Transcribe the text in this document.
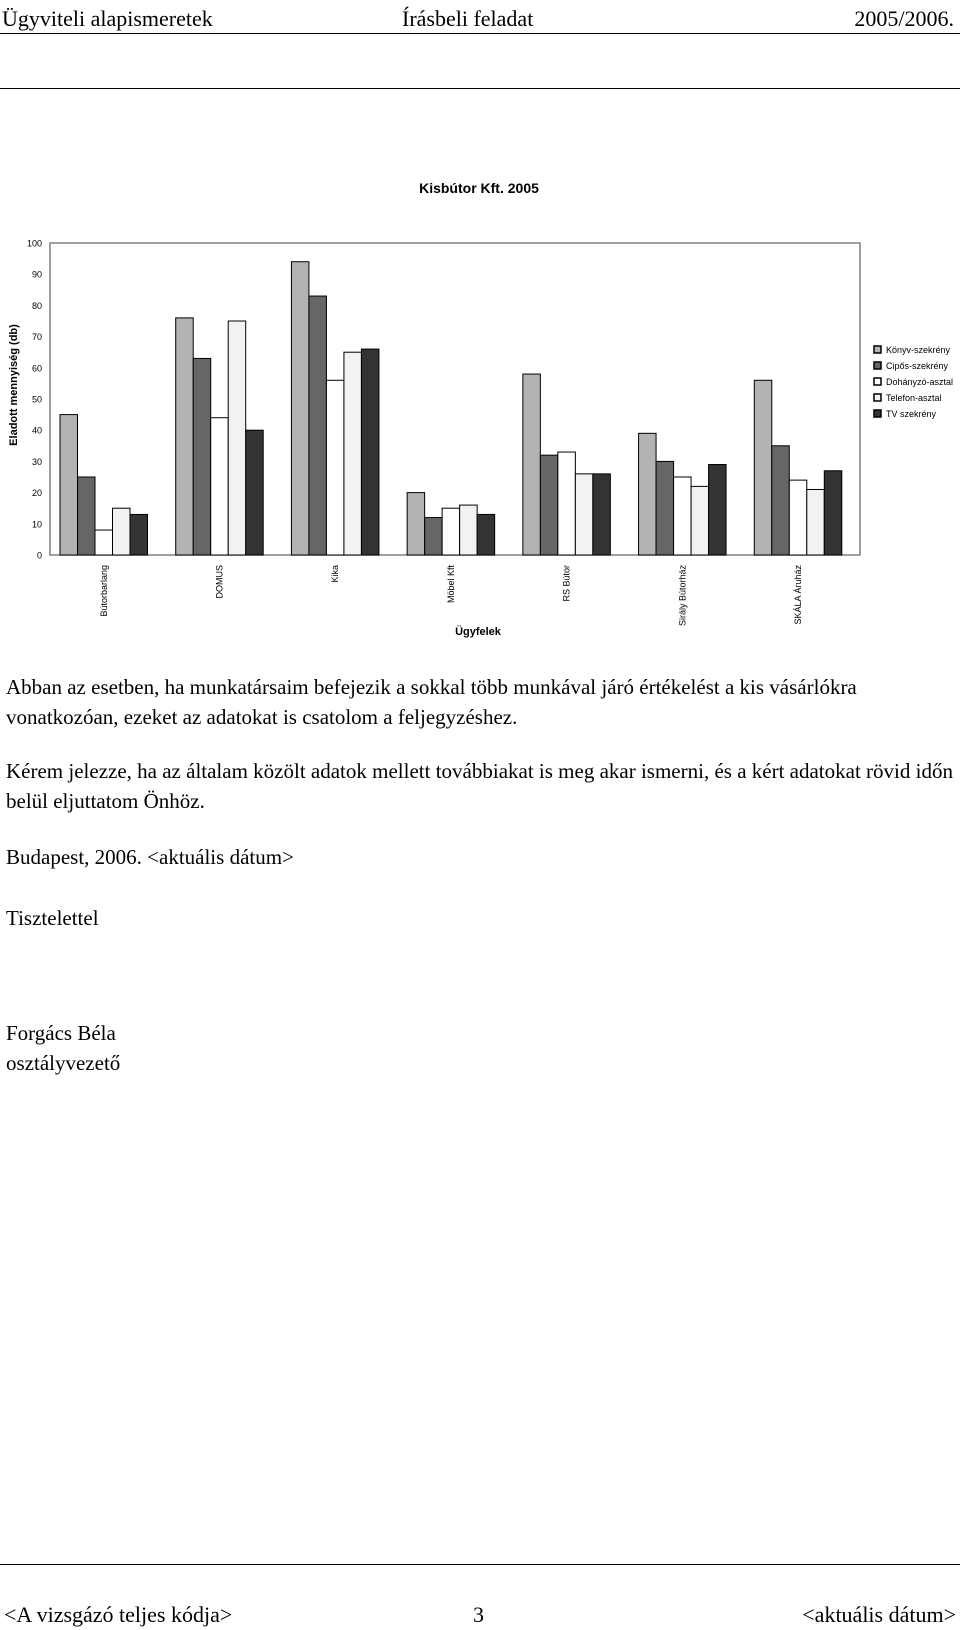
Ügyviteli alapismeretek	Írásbeli feladat	2005/2006.
Kisbútor Kft. 2005
Ügyfelek
Eladott mennyiség (db)
0
10
20
30
40
50
60
70
80
90
100
Bútorbarlang	DOMUS	Kika	Möbel Kft	RS Bútor	Sirály Bútorház	SKÁLA Áruház
Könyv-szekrény
Cipős-szekrény
Dohányzó-asztal
Telefon-asztal
TV szekrény

Abban az esetben, ha munkatársaim befejezik a sokkal több munkával járó értékelést a kis vásárlókra vonatkozóan, ezeket az adatokat is csatolom a feljegyzéshez.

Kérem jelezze, ha az általam közölt adatok mellett továbbiakat is meg akar ismerni, és a kért adatokat rövid időn belül eljuttatom Önhöz.

Budapest, 2006. <aktuális dátum>

Tisztelettel

Forgács Béla

osztályvezető

<A vizsgázó teljes kódja>	3	<aktuális dátum>
